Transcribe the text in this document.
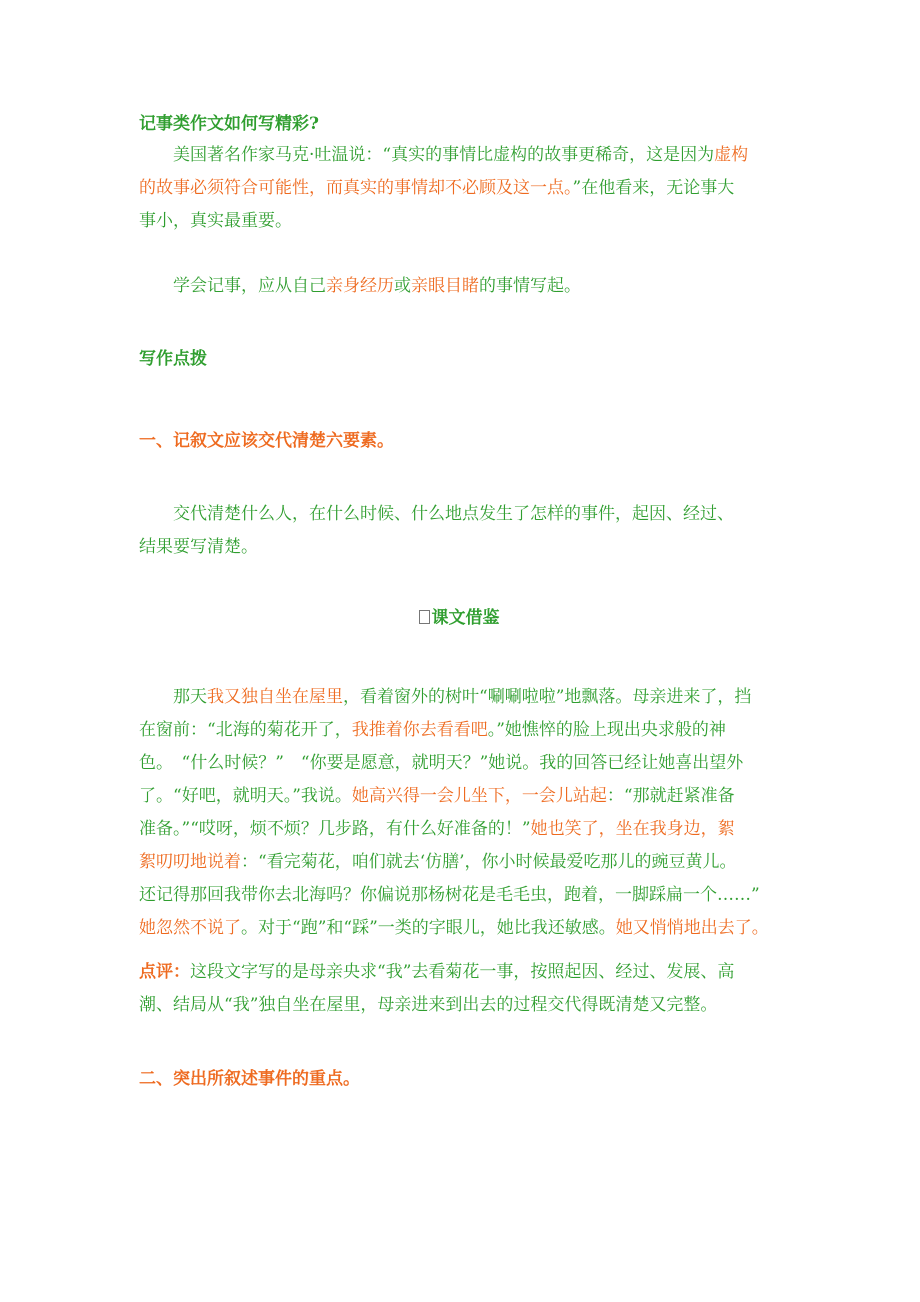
记事类作文如何写精彩?
美国著名作家马克·吐温说：“真实的事情比虚构的故事更稀奇，这是因为虚构
的故事必须符合可能性，而真实的事情却不必顾及这一点。”在他看来，无论事大
事小，真实最重要。
学会记事，应从自己亲身经历或亲眼目睹的事情写起。
写作点拨
一、记叙文应该交代清楚六要素。
交代清楚什么人，在什么时候、什么地点发生了怎样的事件，起因、经过、
结果要写清楚。
课文借鉴
那天我又独自坐在屋里，看着窗外的树叶“唰唰啦啦”地飘落。母亲进来了，挡
在窗前：“北海的菊花开了，我推着你去看看吧。”她憔悴的脸上现出央求般的神
色。　“什么时候？”　“你要是愿意，就明天？”她说。我的回答已经让她喜出望外
了。“好吧，就明天。”我说。她高兴得一会儿坐下，一会儿站起：“那就赶紧准备
准备。”“哎呀，烦不烦？几步路，有什么好准备的！”她也笑了，坐在我身边，絮
絮叨叨地说着：“看完菊花，咱们就去‘仿膳’，你小时候最爱吃那儿的豌豆黄儿。
还记得那回我带你去北海吗？你偏说那杨树花是毛毛虫，跑着，一脚踩扁一个……”
她忽然不说了。对于“跑”和“踩”一类的字眼儿，她比我还敏感。她又悄悄地出去了。
点评：这段文字写的是母亲央求“我”去看菊花一事，按照起因、经过、发展、高
潮、结局从“我”独自坐在屋里，母亲进来到出去的过程交代得既清楚又完整。
二、突出所叙述事件的重点。
